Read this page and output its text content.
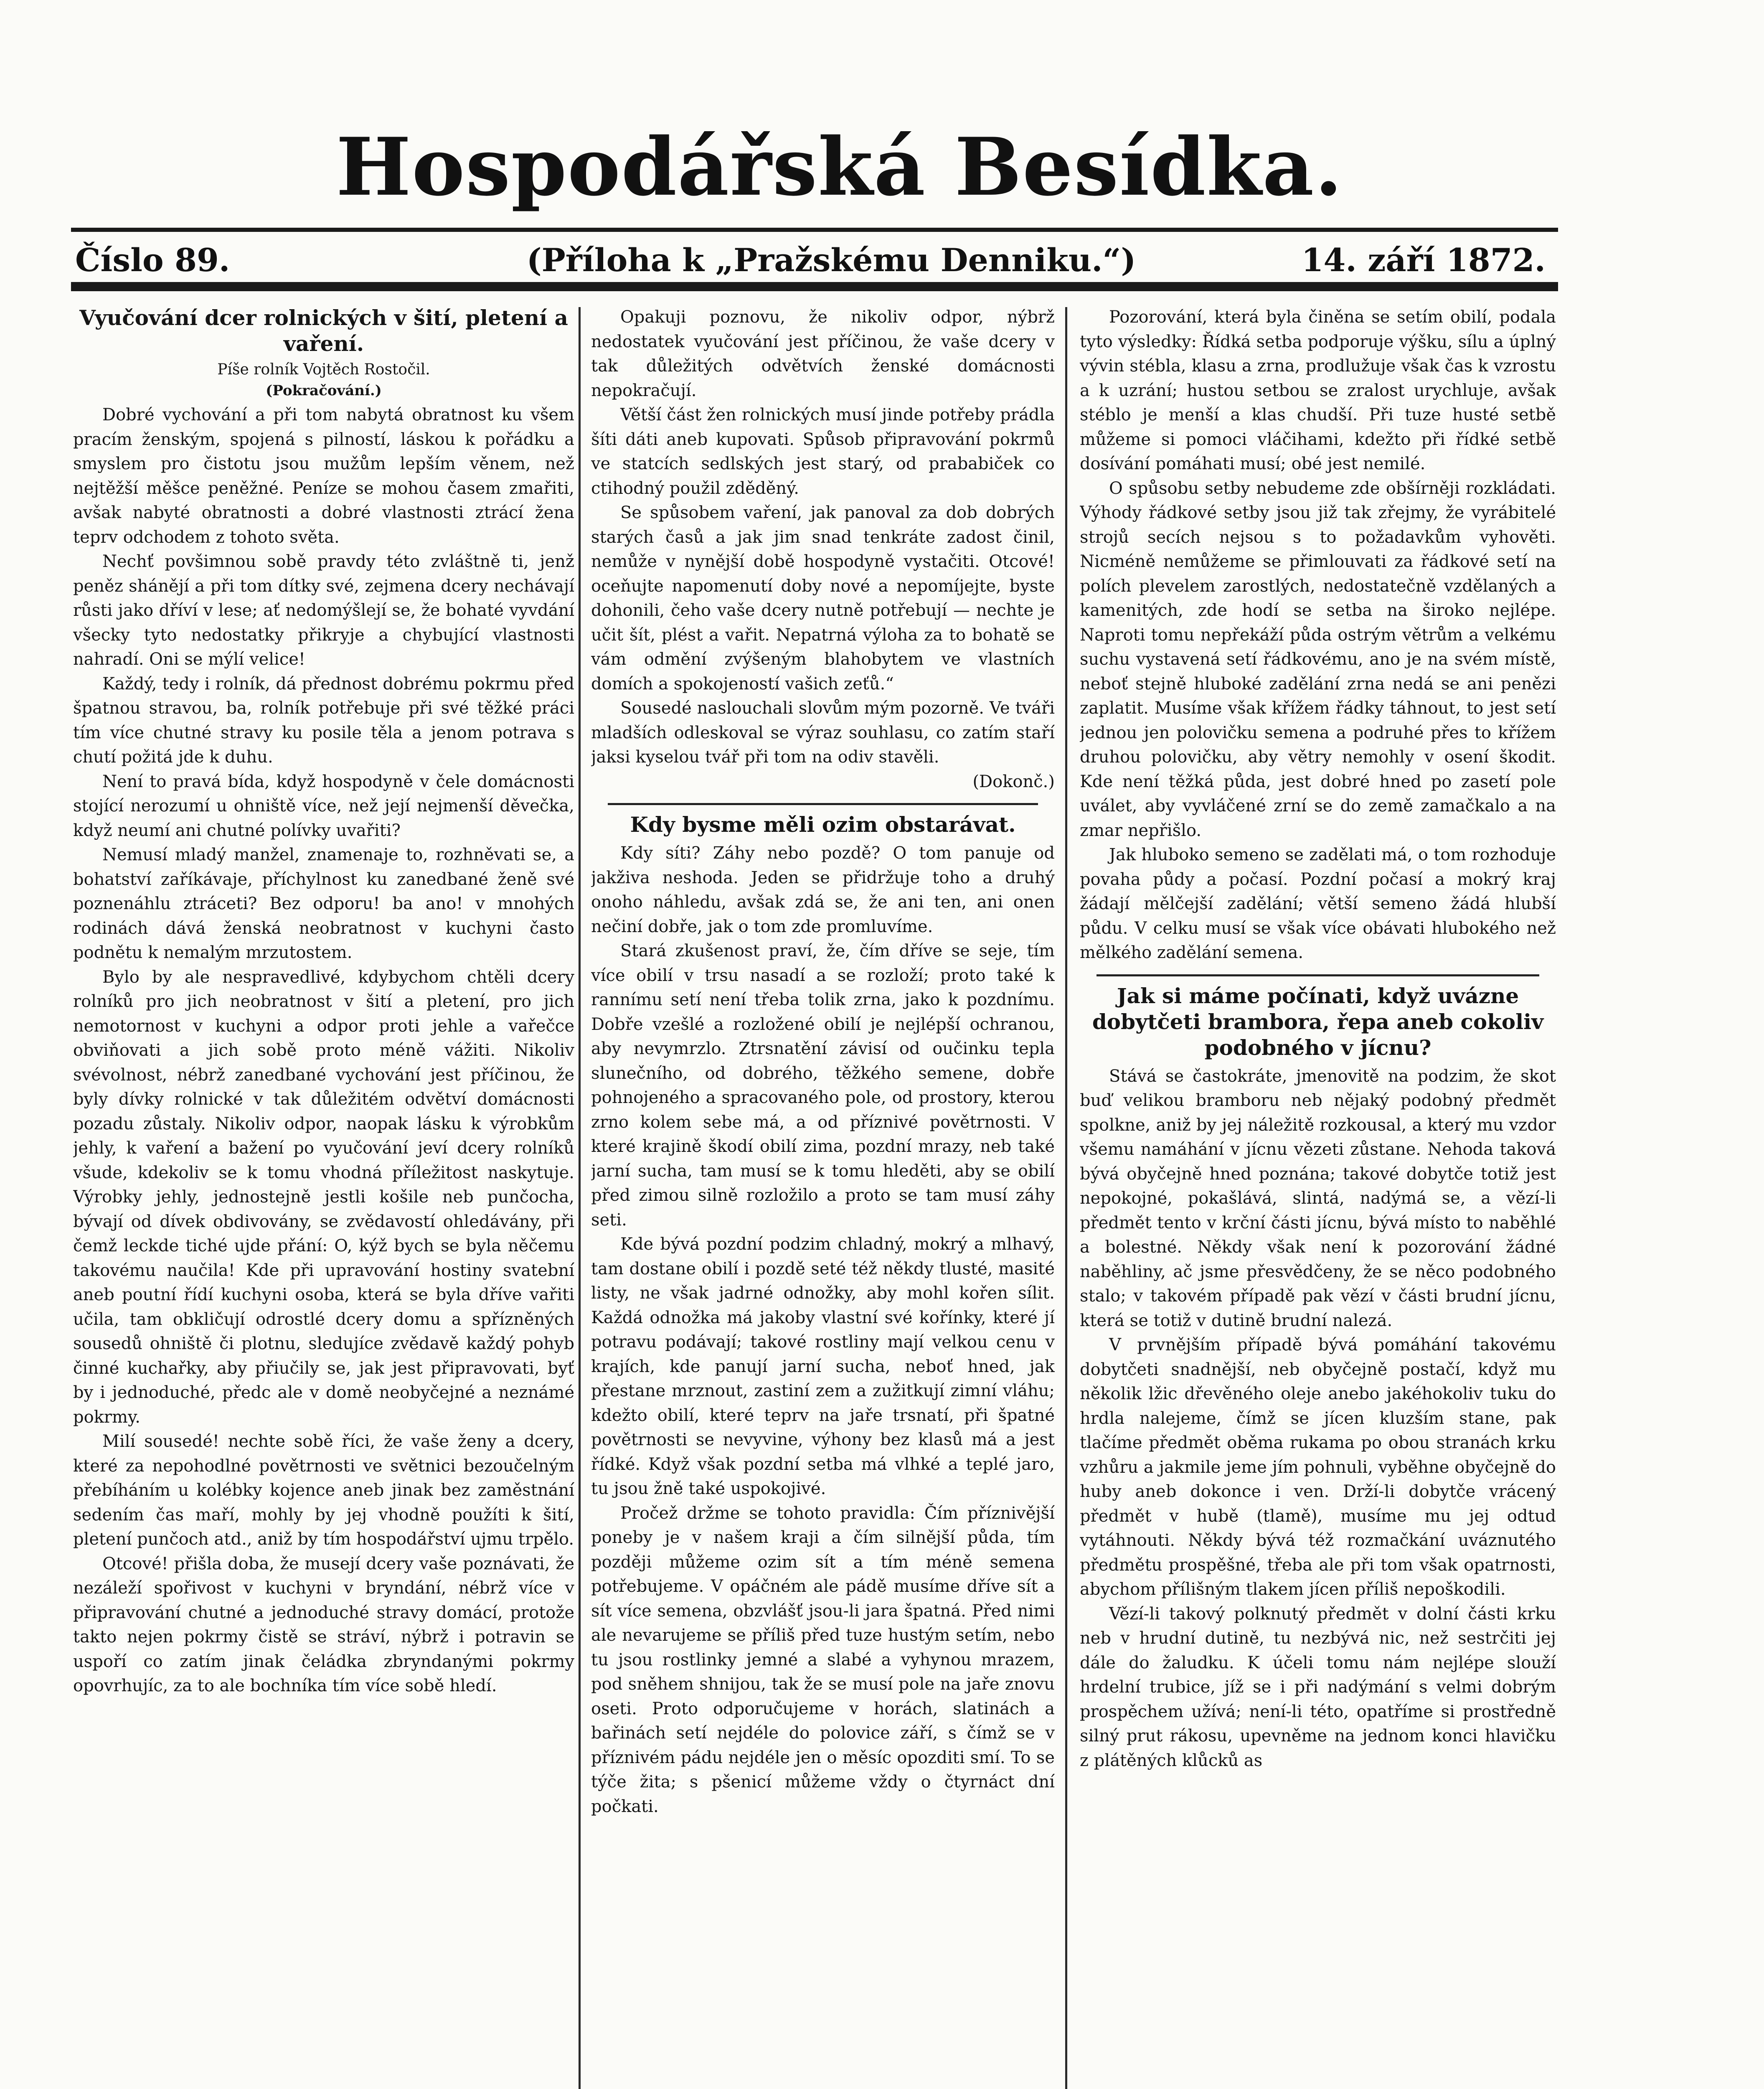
Hospodářská Besídka.
Číslo 89.	(Příloha k „Pražskému Denniku.“)	14. září 1872.
Vyučování dcer rolnických v šití, pletení a vaření.
Píše rolník Vojtěch Rostočil.
(Pokračování.)

Dobré vychování a při tom nabytá obratnost ku všem pracím ženským, spojená s pilností, láskou k pořádku a smyslem pro čistotu jsou mužům lepším věnem, než nejtěžší měšce peněžné. Peníze se mohou časem zmařiti, avšak nabyté obratnosti a dobré vlastnosti ztrácí žena teprv odchodem z tohoto světa.

Nechť povšimnou sobě pravdy této zvláštně ti, jenž peněz shánějí a při tom dítky své, zejmena dcery nechávají růsti jako dříví v lese; ať nedomýšlejí se, že bohaté vyvdání všecky tyto nedostatky přikryje a chybující vlastnosti nahradí. Oni se mýlí velice!

Každý, tedy i rolník, dá přednost dobrému pokrmu před špatnou stravou, ba, rolník potřebuje při své těžké práci tím více chutné stravy ku posile těla a jenom potrava s chutí požitá jde k duhu.

Není to pravá bída, když hospodyně v čele domácnosti stojící nerozumí u ohniště více, než její nejmenší děvečka, když neumí ani chutné polívky uvařiti?

Nemusí mladý manžel, znamenaje to, rozhněvati se, a bohatství zaříkávaje, příchylnost ku zanedbané ženě své poznenáhlu ztráceti? Bez odporu! ba ano! v mnohých rodinách dává ženská neobratnost v kuchyni často podnětu k nemalým mrzutostem.

Bylo by ale nespravedlivé, kdybychom chtěli dcery rolníků pro jich neobratnost v šití a pletení, pro jich nemotornost v kuchyni a odpor proti jehle a vařečce obviňovati a jich sobě proto méně vážiti. Nikoliv svévolnost, nébrž zanedbané vychování jest příčinou, že byly dívky rolnické v tak důležitém odvětví domácnosti pozadu zůstaly. Nikoliv odpor, naopak lásku k výrobkům jehly, k vaření a bažení po vyučování jeví dcery rolníků všude, kdekoliv se k tomu vhodná příležitost naskytuje. Výrobky jehly, jednostejně jestli košile neb punčocha, bývají od dívek obdivovány, se zvědavostí ohledávány, při čemž leckde tiché ujde přání: O, kýž bych se byla něčemu takovému naučila! Kde při upravování hostiny svatební aneb poutní řídí kuchyni osoba, která se byla dříve vařiti učila, tam obkličují odrostlé dcery domu a spřízněných sousedů ohniště či plotnu, sledujíce zvědavě každý pohyb činné kuchařky, aby přiučily se, jak jest připravovati, byť by i jednoduché, předc ale v domě neobyčejné a neznámé pokrmy.

Milí sousedé! nechte sobě říci, že vaše ženy a dcery, které za nepohodlné povětrnosti ve světnici bezoučelným přebíháním u kolébky kojence aneb jinak bez zaměstnání sedením čas maří, mohly by jej vhodně použíti k šití, pletení punčoch atd., aniž by tím hospodářství ujmu trpělo.

Otcové! přišla doba, že musejí dcery vaše poznávati, že nezáleží spořivost v kuchyni v bryndání, nébrž více v připravování chutné a jednoduché stravy domácí, protože takto nejen pokrmy čistě se stráví, nýbrž i potravin se uspoří co zatím jinak čeládka zbryndanými pokrmy opovrhujíc, za to ale bochníka tím více sobě hledí.

Opakuji poznovu, že nikoliv odpor, nýbrž nedostatek vyučování jest příčinou, že vaše dcery v tak důležitých odvětvích ženské domácnosti nepokračují.

Větší část žen rolnických musí jinde potřeby prádla šíti dáti aneb kupovati. Spůsob připravování pokrmů ve statcích sedlských jest starý, od prababiček co ctihodný použil zděděný.

Se spůsobem vaření, jak panoval za dob dobrých starých časů a jak jim snad tenkráte zadost činil, nemůže v nynější době hospodyně vystačiti. Otcové! oceňujte napomenutí doby nové a nepomíjejte, byste dohonili, čeho vaše dcery nutně potřebují — nechte je učit šít, plést a vařit. Nepatrná výloha za to bohatě se vám odmění zvýšeným blahobytem ve vlastních domích a spokojeností vašich zeťů.“

Sousedé naslouchali slovům mým pozorně. Ve tváři mladších odleskoval se výraz souhlasu, co zatím staří jaksi kyselou tvář při tom na odiv stavěli.

(Dokonč.)

Kdy bysme měli ozim obstarávat.

Kdy síti? Záhy nebo pozdě? O tom panuje od jakživa neshoda. Jeden se přidržuje toho a druhý onoho náhledu, avšak zdá se, že ani ten, ani onen nečiní dobře, jak o tom zde promluvíme.

Stará zkušenost praví, že, čím dříve se seje, tím více obilí v trsu nasadí a se rozloží; proto také k rannímu setí není třeba tolik zrna, jako k pozdnímu. Dobře vzešlé a rozložené obilí je nejlépší ochranou, aby nevymrzlo. Ztrsnatění závisí od oučinku tepla slunečního, od dobrého, těžkého semene, dobře pohnojeného a spracovaného pole, od prostory, kterou zrno kolem sebe má, a od příznivé povětrnosti. V které krajině škodí obilí zima, pozdní mrazy, neb také jarní sucha, tam musí se k tomu hleděti, aby se obilí před zimou silně rozložilo a proto se tam musí záhy seti.

Kde bývá pozdní podzim chladný, mokrý a mlhavý, tam dostane obilí i pozdě seté též někdy tlusté, masité listy, ne však jadrné odnožky, aby mohl kořen sílit. Každá odnožka má jakoby vlastní své kořínky, které jí potravu podávají; takové rostliny mají velkou cenu v krajích, kde panují jarní sucha, neboť hned, jak přestane mrznout, zastiní zem a zužitkují zimní vláhu; kdežto obilí, které teprv na jaře trsnatí, při špatné povětrnosti se nevyvine, výhony bez klasů má a jest řídké. Když však pozdní setba má vlhké a teplé jaro, tu jsou žně také uspokojivé.

Pročež držme se tohoto pravidla: Čím příznivější poneby je v našem kraji a čím silnější půda, tím později můžeme ozim sít a tím méně semena potřebujeme. V opáčném ale pádě musíme dříve sít a sít více semena, obzvlášť jsou-li jara špatná. Před nimi ale nevarujeme se příliš před tuze hustým setím, nebo tu jsou rostlinky jemné a slabé a vyhynou mrazem, pod sněhem shnijou, tak že se musí pole na jaře znovu oseti. Proto odporučujeme v horách, slatinách a bařinách setí nejdéle do polovice září, s čímž se v příznivém pádu nejdéle jen o měsíc opozditi smí. To se týče žita; s pšenicí můžeme vždy o čtyrnáct dní počkati.

Pozorování, která byla činěna se setím obilí, podala tyto výsledky: Řídká setba podporuje výšku, sílu a úplný vývin stébla, klasu a zrna, prodlužuje však čas k vzrostu a k uzrání; hustou setbou se zralost urychluje, avšak stéblo je menší a klas chudší. Při tuze husté setbě můžeme si pomoci vláčihami, kdežto při řídké setbě dosívání pomáhati musí; obé jest nemilé.

O spůsobu setby nebudeme zde obšírněji rozkládati. Výhody řádkové setby jsou již tak zřejmy, že vyrábitelé strojů secích nejsou s to požadavkům vyhověti. Nicméně nemůžeme se přimlouvati za řádkové setí na polích plevelem zarostlých, nedostatečně vzdělaných a kamenitých, zde hodí se setba na široko nejlépe. Naproti tomu nepřekáží půda ostrým větrům a velkému suchu vystavená setí řádkovému, ano je na svém místě, neboť stejně hluboké zadělání zrna nedá se ani penězi zaplatit. Musíme však křížem řádky táhnout, to jest setí jednou jen polovičku semena a podruhé přes to křížem druhou polovičku, aby větry nemohly v osení škodit. Kde není těžká půda, jest dobré hned po zasetí pole uválet, aby vyvláčené zrní se do země zamačkalo a na zmar nepřišlo.

Jak hluboko semeno se zadělati má, o tom rozhoduje povaha půdy a počasí. Pozdní počasí a mokrý kraj žádají mělčejší zadělání; větší semeno žádá hlubší půdu. V celku musí se však více obávati hlubokého než mělkého zadělání semena.

Jak si máme počínati, když uvázne dobytčeti brambora, řepa aneb cokoliv podobného v jícnu?

Stává se častokráte, jmenovitě na podzim, že skot buď velikou bramboru neb nějaký podobný předmět spolkne, aniž by jej náležitě rozkousal, a který mu vzdor všemu namáhání v jícnu vězeti zůstane. Nehoda taková bývá obyčejně hned poznána; takové dobytče totiž jest nepokojné, pokašlává, slintá, nadýmá se, a vězí-li předmět tento v krční části jícnu, bývá místo to naběhlé a bolestné. Někdy však není k pozorování žádné naběhliny, ač jsme přesvědčeny, že se něco podobného stalo; v takovém případě pak vězí v části brudní jícnu, která se totiž v dutině brudní nalezá.

V prvnějším případě bývá pomáhání takovému dobytčeti snadnější, neb obyčejně postačí, když mu několik lžic dřevěného oleje anebo jakéhokoliv tuku do hrdla nalejeme, čímž se jícen kluzším stane, pak tlačíme předmět oběma rukama po obou stranách krku vzhůru a jakmile jeme jím pohnuli, vyběhne obyčejně do huby aneb dokonce i ven. Drží-li dobytče vrácený předmět v hubě (tlamě), musíme mu jej odtud vytáhnouti. Někdy bývá též rozmačkání uváznutého předmětu prospěšné, třeba ale při tom však opatrnosti, abychom přílišným tlakem jícen příliš nepoškodili.

Vězí-li takový polknutý předmět v dolní části krku neb v hrudní dutině, tu nezbývá nic, než sestrčiti jej dále do žaludku. K účeli tomu nám nejlépe slouží hrdelní trubice, jíž se i při nadýmání s velmi dobrým prospěchem užívá; není-li této, opatříme si prostředně silný prut rákosu, upevněme na jednom konci hlavičku z plátěných klůcků as
